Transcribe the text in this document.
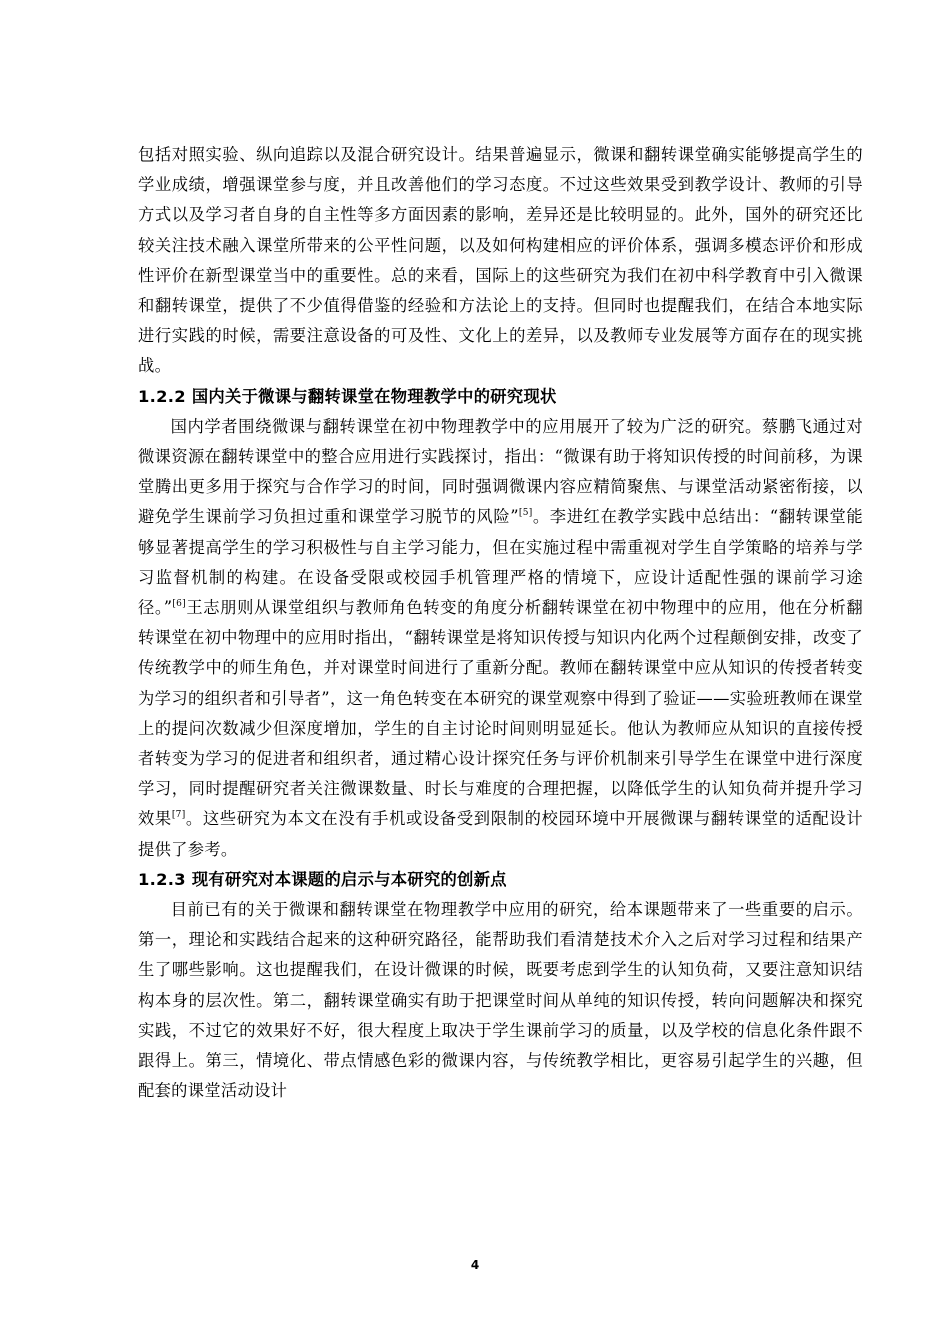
包括对照实验、纵向追踪以及混合研究设计。结果普遍显示，微课和翻转课堂确实能够提高学生的学业成绩，增强课堂参与度，并且改善他们的学习态度。不过这些效果受到教学设计、教师的引导方式以及学习者自身的自主性等多方面因素的影响，差异还是比较明显的。此外，国外的研究还比较关注技术融入课堂所带来的公平性问题，以及如何构建相应的评价体系，强调多模态评价和形成性评价在新型课堂当中的重要性。总的来看，国际上的这些研究为我们在初中科学教育中引入微课和翻转课堂，提供了不少值得借鉴的经验和方法论上的支持。但同时也提醒我们，在结合本地实际进行实践的时候，需要注意设备的可及性、文化上的差异，以及教师专业发展等方面存在的现实挑战。

1.2.2 国内关于微课与翻转课堂在物理教学中的研究现状

国内学者围绕微课与翻转课堂在初中物理教学中的应用展开了较为广泛的研究。蔡鹏飞通过对微课资源在翻转课堂中的整合应用进行实践探讨，指出：“微课有助于将知识传授的时间前移，为课堂腾出更多用于探究与合作学习的时间，同时强调微课内容应精简聚焦、与课堂活动紧密衔接，以避免学生课前学习负担过重和课堂学习脱节的风险”[5]。李进红在教学实践中总结出：“翻转课堂能够显著提高学生的学习积极性与自主学习能力，但在实施过程中需重视对学生自学策略的培养与学习监督机制的构建。在设备受限或校园手机管理严格的情境下，应设计适配性强的课前学习途径。”[6]王志朋则从课堂组织与教师角色转变的角度分析翻转课堂在初中物理中的应用，他在分析翻转课堂在初中物理中的应用时指出，“翻转课堂是将知识传授与知识内化两个过程颠倒安排，改变了传统教学中的师生角色，并对课堂时间进行了重新分配。教师在翻转课堂中应从知识的传授者转变为学习的组织者和引导者”，这一角色转变在本研究的课堂观察中得到了验证——实验班教师在课堂上的提问次数减少但深度增加，学生的自主讨论时间则明显延长。他认为教师应从知识的直接传授者转变为学习的促进者和组织者，通过精心设计探究任务与评价机制来引导学生在课堂中进行深度学习，同时提醒研究者关注微课数量、时长与难度的合理把握，以降低学生的认知负荷并提升学习效果[7]。这些研究为本文在没有手机或设备受到限制的校园环境中开展微课与翻转课堂的适配设计提供了参考。

1.2.3 现有研究对本课题的启示与本研究的创新点

目前已有的关于微课和翻转课堂在物理教学中应用的研究，给本课题带来了一些重要的启示。第一，理论和实践结合起来的这种研究路径，能帮助我们看清楚技术介入之后对学习过程和结果产生了哪些影响。这也提醒我们，在设计微课的时候，既要考虑到学生的认知负荷，又要注意知识结构本身的层次性。第二，翻转课堂确实有助于把课堂时间从单纯的知识传授，转向问题解决和探究实践，不过它的效果好不好，很大程度上取决于学生课前学习的质量，以及学校的信息化条件跟不跟得上。第三，情境化、带点情感色彩的微课内容，与传统教学相比，更容易引起学生的兴趣，但配套的课堂活动设计

4
